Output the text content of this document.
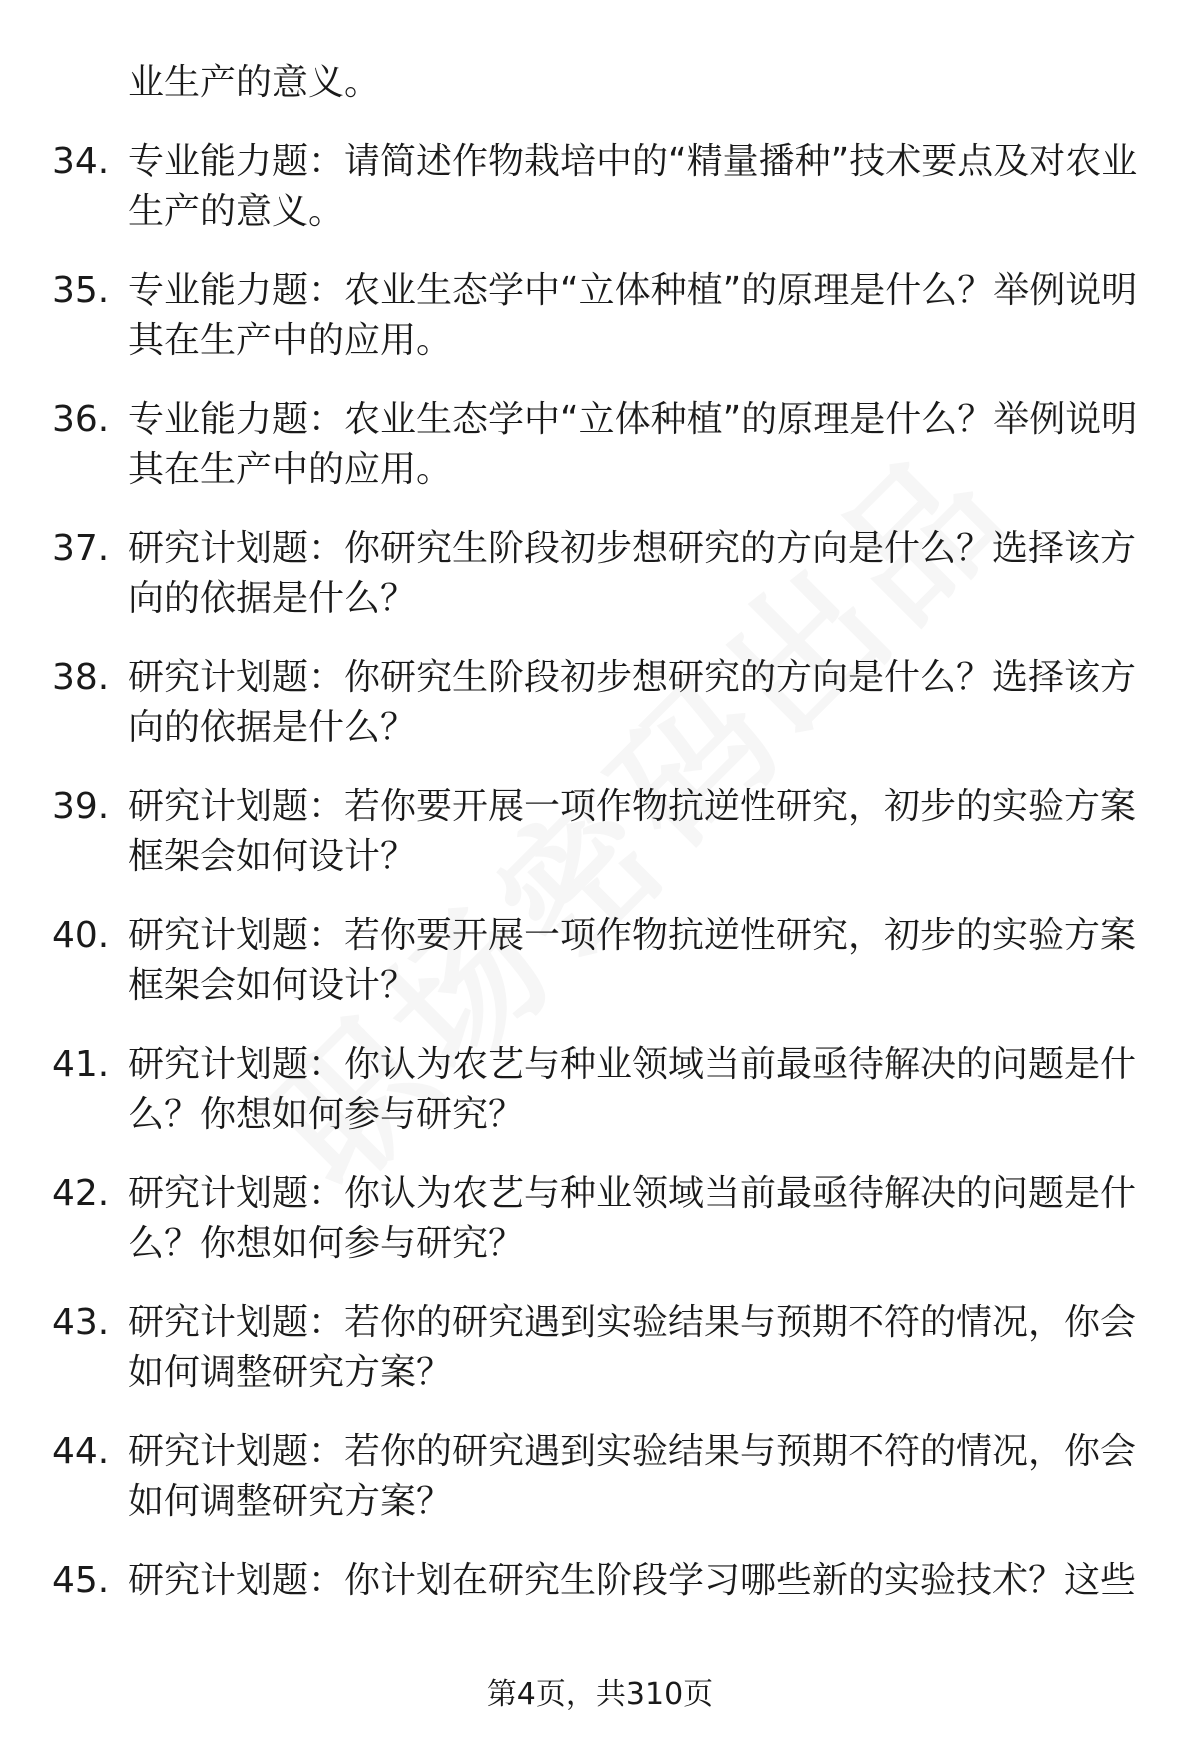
业生产的意义。
34. 专业能力题：请简述作物栽培中的“精量播种”技术要点及对农业生产的意义。
35. 专业能力题：农业生态学中“立体种植”的原理是什么？举例说明其在生产中的应用。
36. 专业能力题：农业生态学中“立体种植”的原理是什么？举例说明其在生产中的应用。
37. 研究计划题：你研究生阶段初步想研究的方向是什么？选择该方向的依据是什么？
38. 研究计划题：你研究生阶段初步想研究的方向是什么？选择该方向的依据是什么？
39. 研究计划题：若你要开展一项作物抗逆性研究，初步的实验方案框架会如何设计？
40. 研究计划题：若你要开展一项作物抗逆性研究，初步的实验方案框架会如何设计？
41. 研究计划题：你认为农艺与种业领域当前最亟待解决的问题是什么？你想如何参与研究？
42. 研究计划题：你认为农艺与种业领域当前最亟待解决的问题是什么？你想如何参与研究？
43. 研究计划题：若你的研究遇到实验结果与预期不符的情况，你会如何调整研究方案？
44. 研究计划题：若你的研究遇到实验结果与预期不符的情况，你会如何调整研究方案？
45. 研究计划题：你计划在研究生阶段学习哪些新的实验技术？这些
第4页，共310页
